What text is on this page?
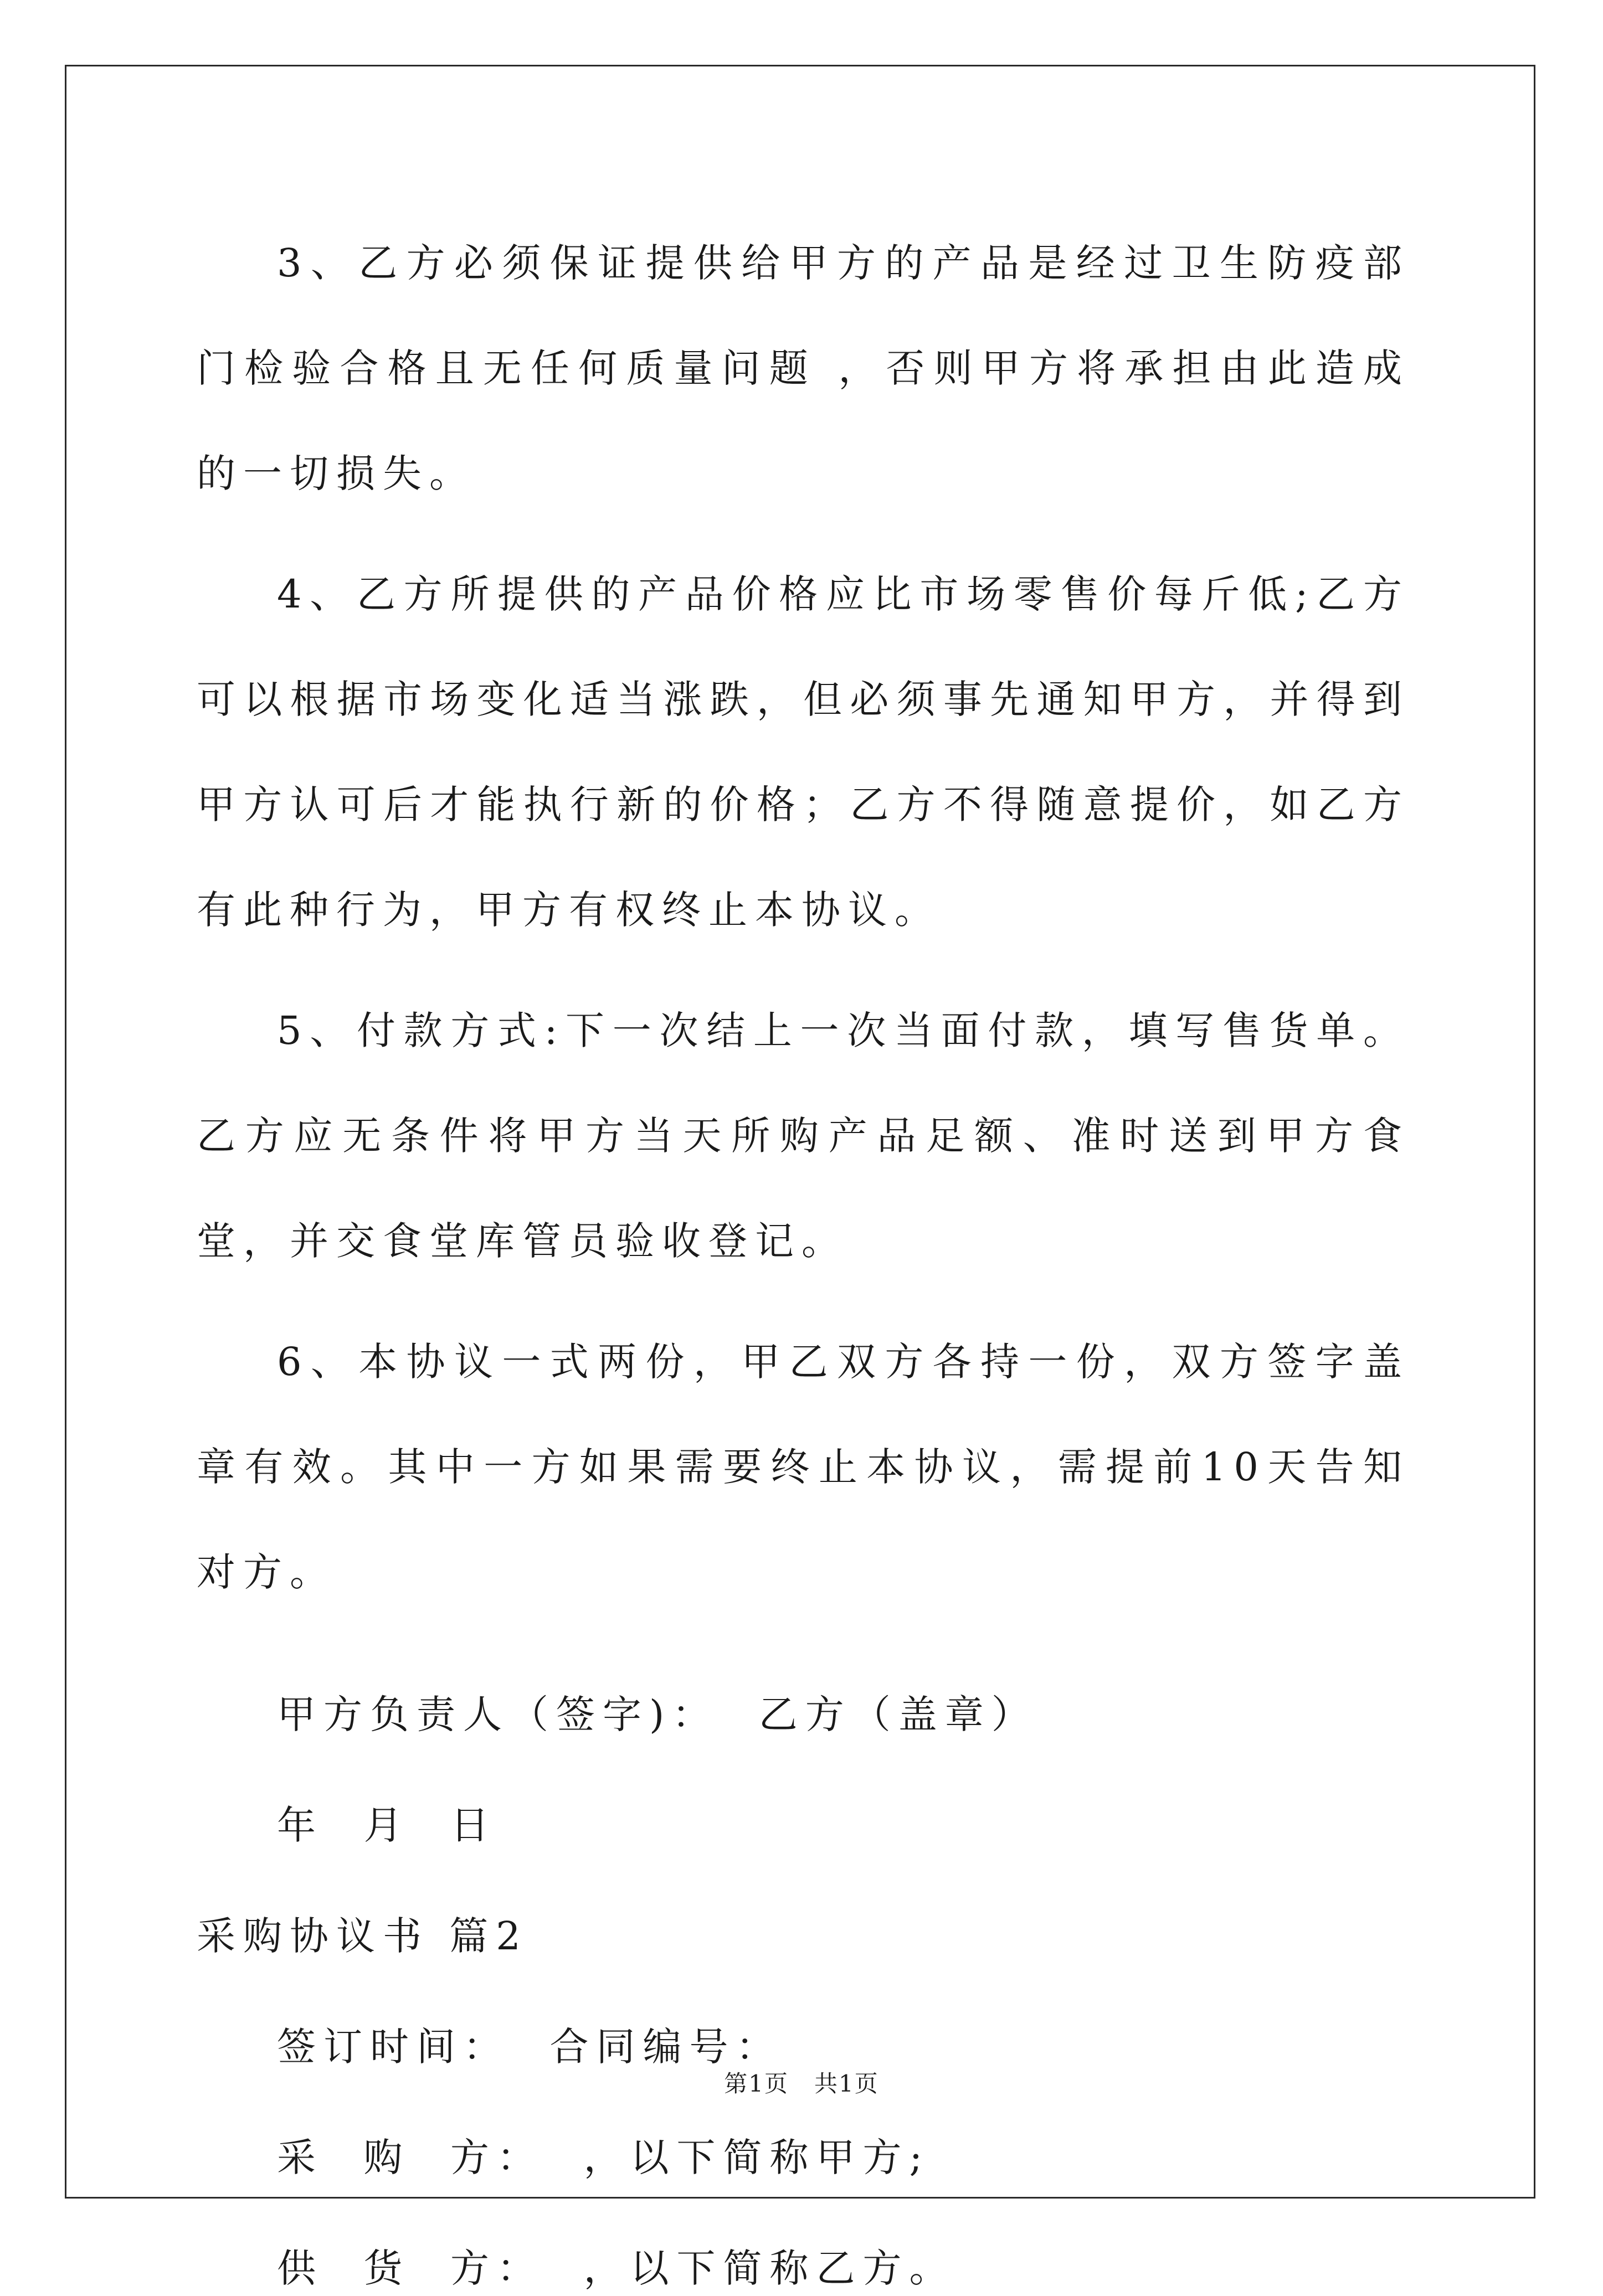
3、乙方必须保证提供给甲方的产品是经过卫生防疫部门检验合格且无任何质量问题 ，否则甲方将承担由此造成的一切损失。

4、乙方所提供的产品价格应比市场零售价每斤低;乙方可以根据市场变化适当涨跌，但必须事先通知甲方，并得到甲方认可后才能执行新的价格；乙方不得随意提价，如乙方有此种行为，甲方有权终止本协议。

5、付款方式:下一次结上一次当面付款，填写售货单。乙方应无条件将甲方当天所购产品足额、准时送到甲方食堂，并交食堂库管员验收登记。

6、本协议一式两份，甲乙双方各持一份，双方签字盖章有效。其中一方如果需要终止本协议，需提前10天告知对方。

甲方负责人（签字)：  乙方（盖章）

年  月  日

采购协议书 篇2

签订时间：  合同编号：

采  购  方：  ，以下简称甲方;

供  货  方：  ，以下简称乙方。

第1页   共1页
